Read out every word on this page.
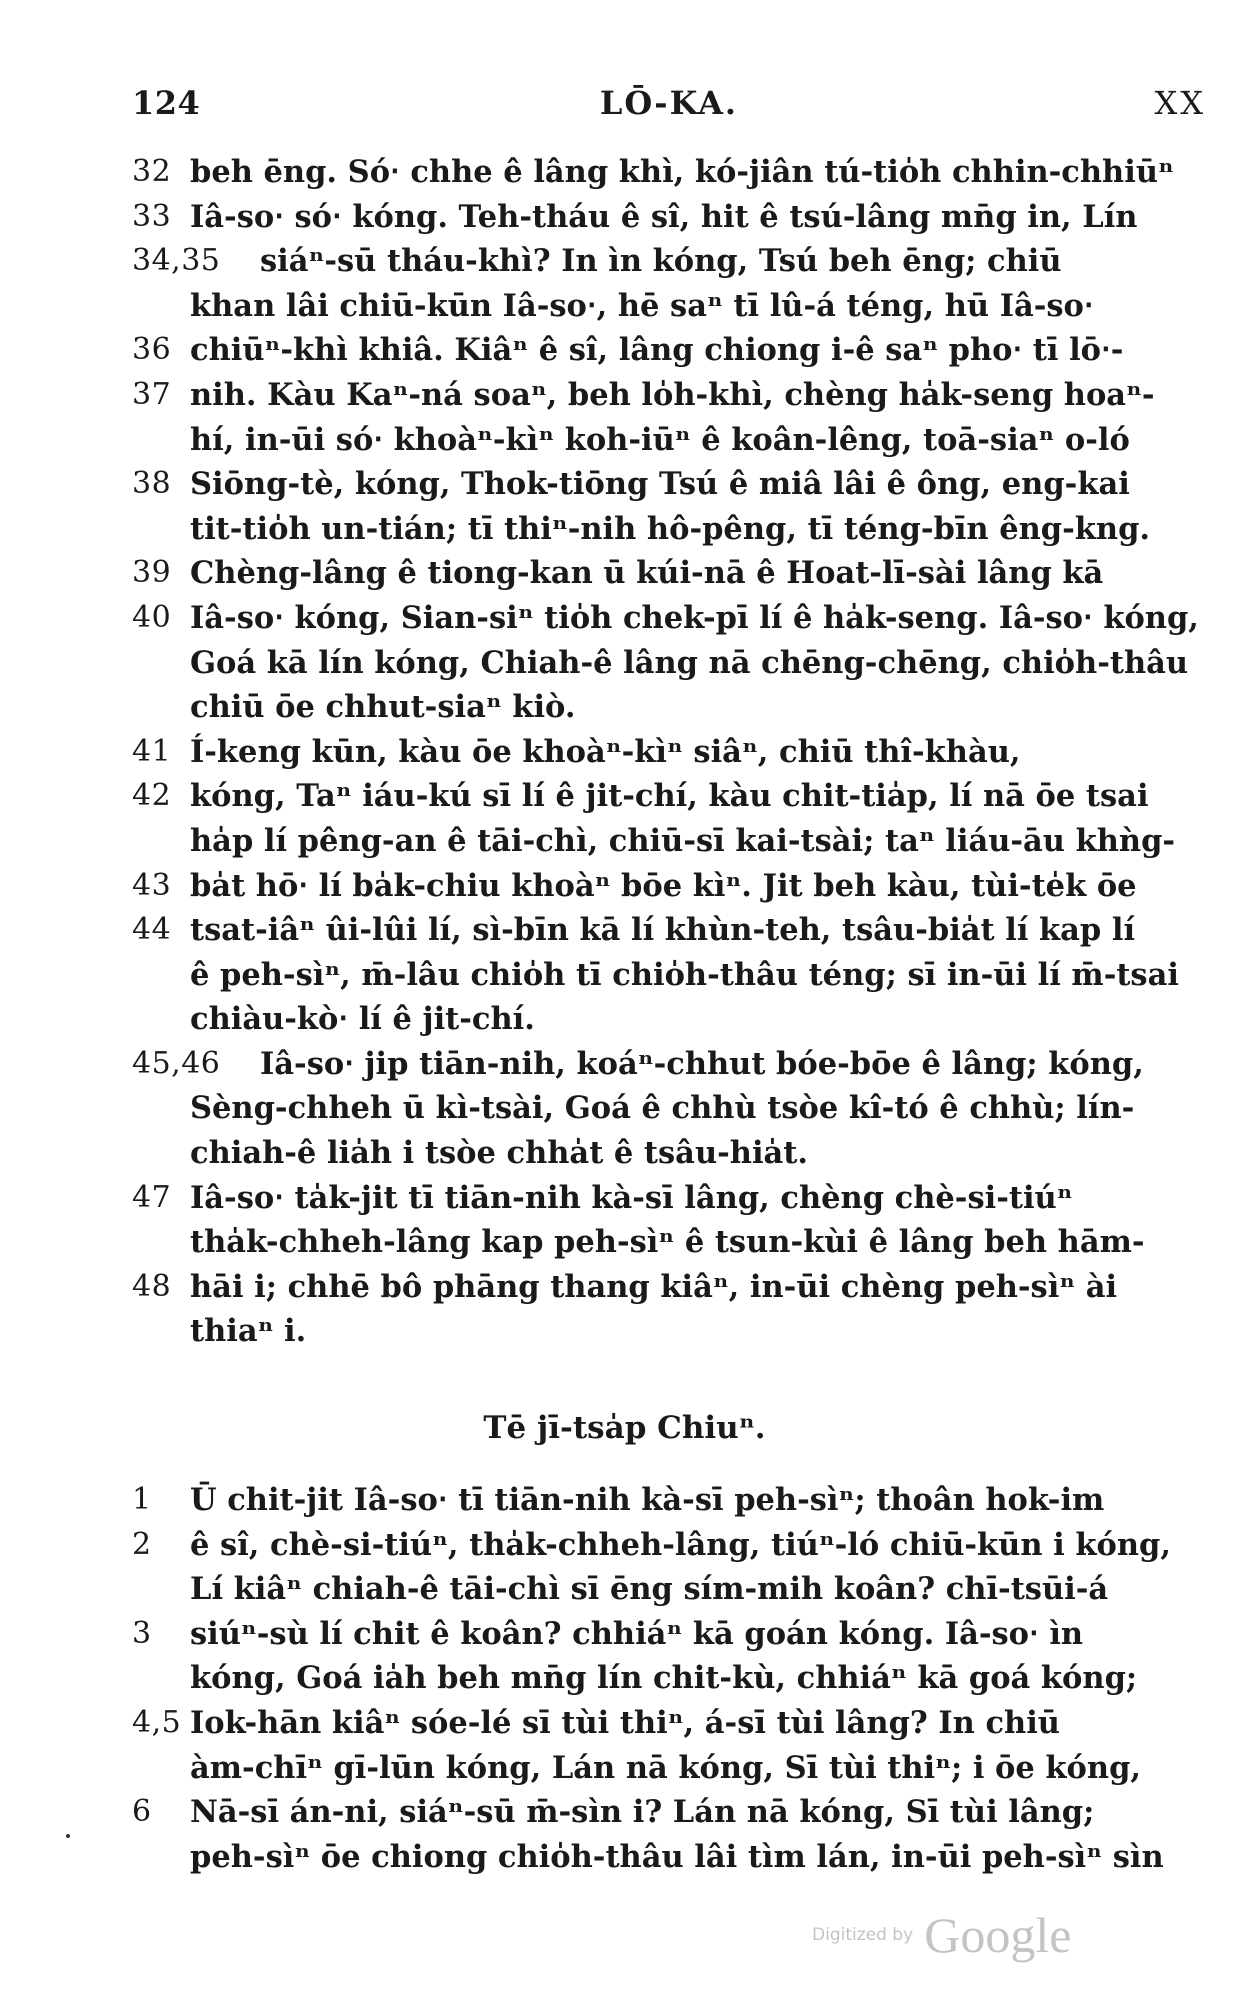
124	LŌ-KA.	XX
32 beh ēng. Só‧ chhe ê lâng khì, kó-jiân tú-tio̍h chhin-chhiūⁿ
33 Iâ-so‧ só‧ kóng. Teh-tháu ê sî, hit ê tsú-lâng mn̄g in, Lín
34,35 siáⁿ-sū tháu-khì? In ìn kóng, Tsú beh ēng; chiū
khan lâi chiū-kūn Iâ-so‧, hē saⁿ tī lû-á téng, hū Iâ-so‧
36 chiūⁿ-khì khiâ. Kiâⁿ ê sî, lâng chiong i-ê saⁿ pho‧ tī lō‧-
37 nih. Kàu Kaⁿ-ná soaⁿ, beh lo̍h-khì, chèng ha̍k-seng hoaⁿ-
hí, in-ūi só‧ khoàⁿ-kìⁿ koh-iūⁿ ê koân-lêng, toā-siaⁿ o-ló
38 Siōng-tè, kóng, Thok-tiōng Tsú ê miâ lâi ê ông, eng-kai
tit-tio̍h un-tián; tī thiⁿ-nih hô-pêng, tī téng-bīn êng-kng.
39 Chèng-lâng ê tiong-kan ū kúi-nā ê Hoat-lī-sài lâng kā
40 Iâ-so‧ kóng, Sian-siⁿ tio̍h chek-pī lí ê ha̍k-seng. Iâ-so‧ kóng,
Goá kā lín kóng, Chiah-ê lâng nā chēng-chēng, chio̍h-thâu
chiū ōe chhut-siaⁿ kiò.
41 Í-keng kūn, kàu ōe khoàⁿ-kìⁿ siâⁿ, chiū thî-khàu,
42 kóng, Taⁿ iáu-kú sī lí ê jit-chí, kàu chit-tia̍p, lí nā ōe tsai
ha̍p lí pêng-an ê tāi-chì, chiū-sī kai-tsài; taⁿ liáu-āu khǹg-
43 ba̍t hō‧ lí ba̍k-chiu khoàⁿ bōe kìⁿ. Jit beh kàu, tùi-te̍k ōe
44 tsat-iâⁿ ûi-lûi lí, sì-bīn kā lí khùn-teh, tsâu-bia̍t lí kap lí
ê peh-sìⁿ, m̄-lâu chio̍h tī chio̍h-thâu téng; sī in-ūi lí m̄-tsai
chiàu-kò‧ lí ê jit-chí.
45,46 Iâ-so‧ jip tiān-nih, koáⁿ-chhut bóe-bōe ê lâng; kóng,
Sèng-chheh ū kì-tsài, Goá ê chhù tsòe kî-tó ê chhù; lín-
chiah-ê lia̍h i tsòe chha̍t ê tsâu-hia̍t.
47 Iâ-so‧ ta̍k-jit tī tiān-nih kà-sī lâng, chèng chè-si-tiúⁿ
tha̍k-chheh-lâng kap peh-sìⁿ ê tsun-kùi ê lâng beh hām-
48 hāi i; chhē bô phāng thang kiâⁿ, in-ūi chèng peh-sìⁿ ài
thiaⁿ i.
Tē jī-tsa̍p Chiuⁿ.
1	Ū chit-jit Iâ-so‧ tī tiān-nih kà-sī peh-sìⁿ; thoân hok-im
2	ê sî, chè-si-tiúⁿ, tha̍k-chheh-lâng, tiúⁿ-ló chiū-kūn i kóng,
Lí kiâⁿ chiah-ê tāi-chì sī ēng sím-mih koân? chī-tsūi-á
3	siúⁿ-sù lí chit ê koân? chhiáⁿ kā goán kóng. Iâ-so‧ ìn
kóng, Goá ia̍h beh mn̄g lín chit-kù, chhiáⁿ kā goá kóng;
4,5 Iok-hān kiâⁿ sóe-lé sī tùi thiⁿ, á-sī tùi lâng? In chiū
àm-chīⁿ gī-lūn kóng, Lán nā kóng, Sī tùi thiⁿ; i ōe kóng,
6	Nā-sī án-ni, siáⁿ-sū m̄-sìn i? Lán nā kóng, Sī tùi lâng;
peh-sìⁿ ōe chiong chio̍h-thâu lâi tìm lán, in-ūi peh-sìⁿ sìn
Digitized by Google
